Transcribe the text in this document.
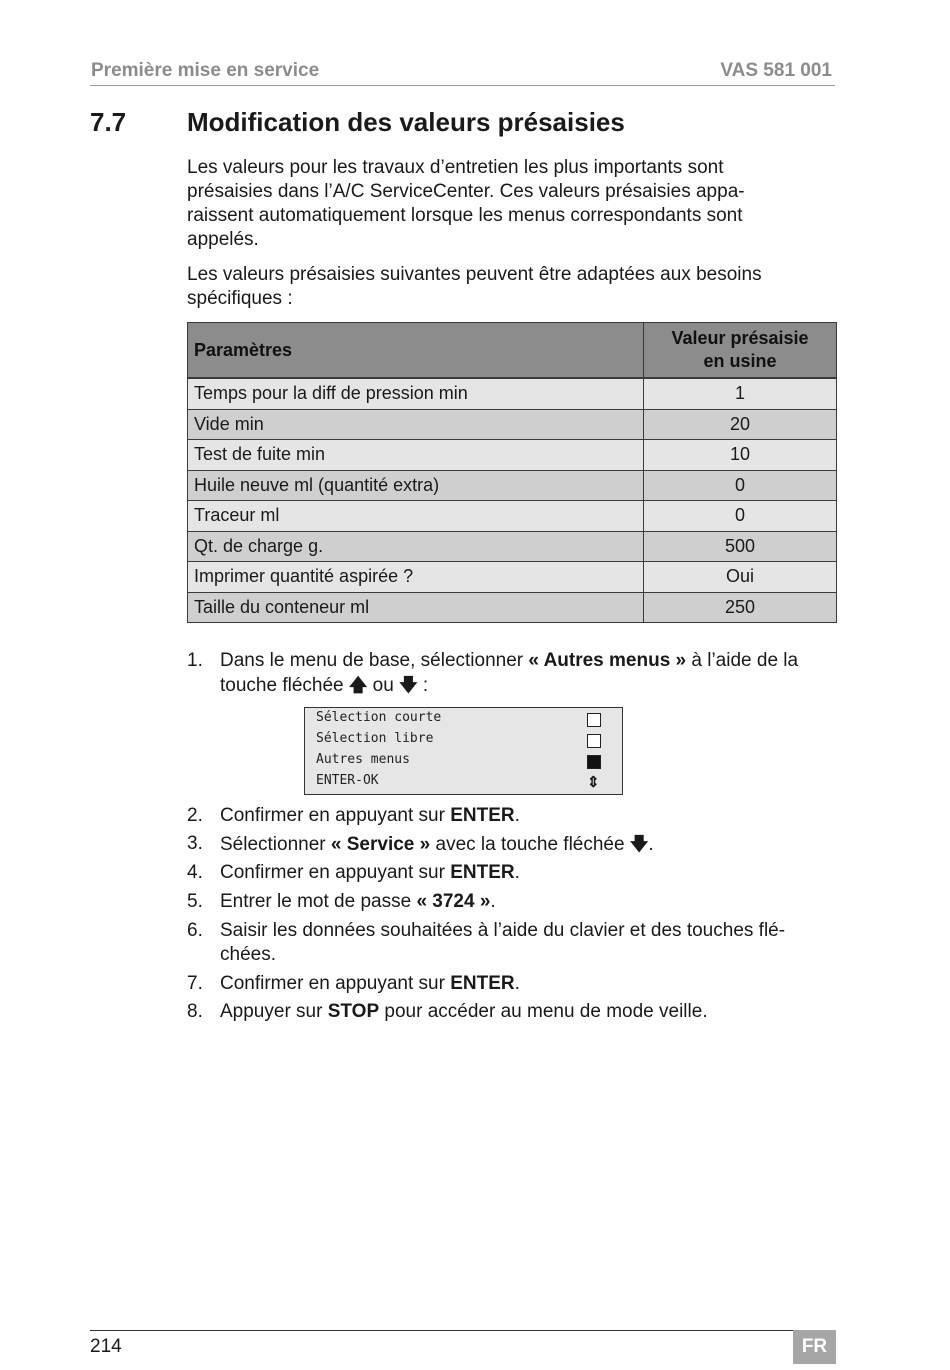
Première mise en service	VAS 581 001
7.7 Modification des valeurs présaisies

Les valeurs pour les travaux d’entretien les plus importants sont
présaisies dans l’A/C ServiceCenter. Ces valeurs présaisies appa-
raissent automatiquement lorsque les menus correspondants sont
appelés.

Les valeurs présaisies suivantes peuvent être adaptées aux besoins
spécifiques :

Paramètres	Valeur présaisie
en usine
Temps pour la diff de pression min	1
Vide min	20
Test de fuite min	10
Huile neuve ml (quantité extra)	0
Traceur ml	0
Qt. de charge g.	500
Imprimer quantité aspirée ?	Oui
Taille du conteneur ml	250
1. Dans le menu de base, sélectionner « Autres menus » à l’aide de la
touche fléchée 🡅 ou 🡇 :
Sélection courte
Sélection libre
Autres menus
ENTER-OK	⇕
2. Confirmer en appuyant sur ENTER.
3. Sélectionner « Service » avec la touche fléchée 🡇.
4. Confirmer en appuyant sur ENTER.
5. Entrer le mot de passe « 3724 ».
6. Saisir les données souhaitées à l’aide du clavier et des touches flé-
chées.
7. Confirmer en appuyant sur ENTER.
8. Appuyer sur STOP pour accéder au menu de mode veille.
214	FR
